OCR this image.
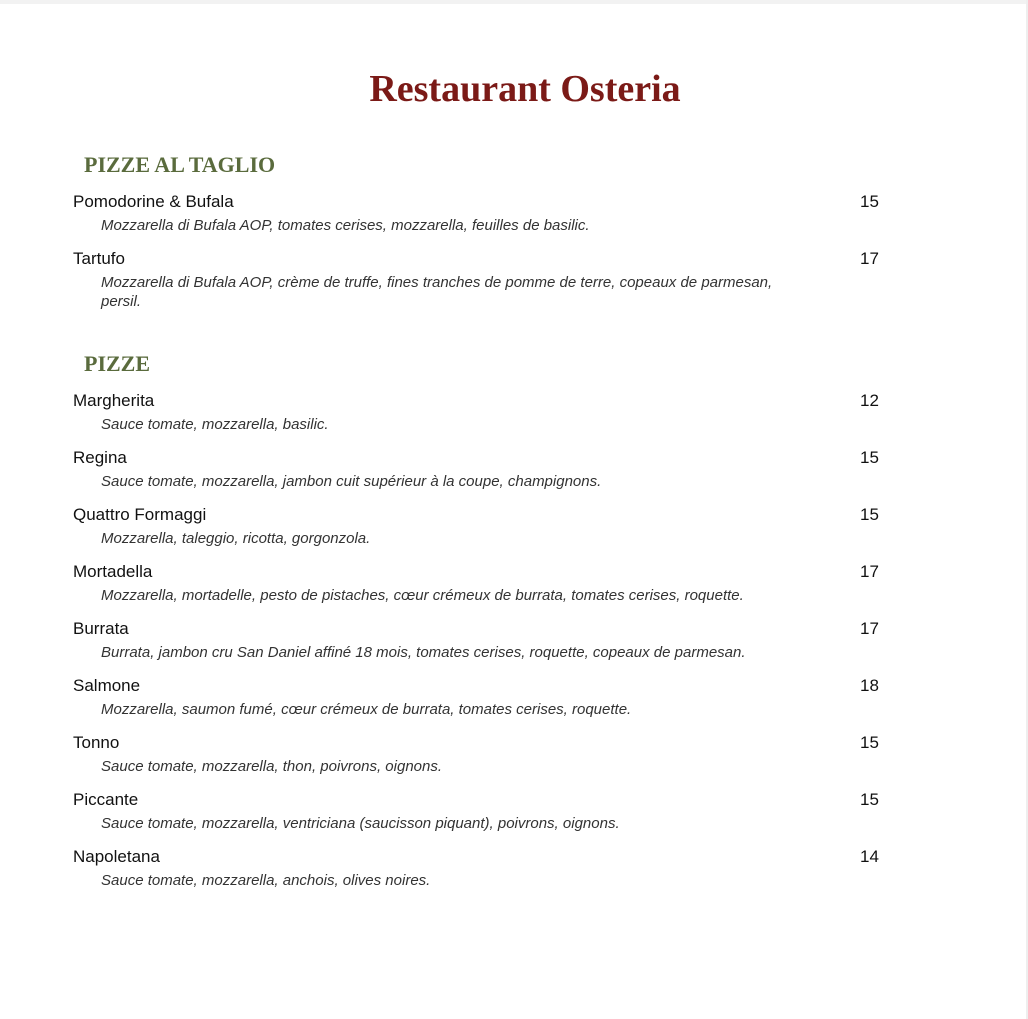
Restaurant Osteria
PIZZE AL TAGLIO
Pomodorine & Bufala	15
Mozzarella di Bufala AOP, tomates cerises, mozzarella, feuilles de basilic.
Tartufo	17
Mozzarella di Bufala AOP, crème de truffe, fines tranches de pomme de terre, copeaux de parmesan, persil.
PIZZE
Margherita	12
Sauce tomate, mozzarella, basilic.
Regina	15
Sauce tomate, mozzarella, jambon cuit supérieur à la coupe, champignons.
Quattro Formaggi	15
Mozzarella, taleggio, ricotta, gorgonzola.
Mortadella	17
Mozzarella, mortadelle, pesto de pistaches, cœur crémeux de burrata, tomates cerises, roquette.
Burrata	17
Burrata, jambon cru San Daniel affiné 18 mois, tomates cerises, roquette, copeaux de parmesan.
Salmone	18
Mozzarella, saumon fumé, cœur crémeux de burrata, tomates cerises, roquette.
Tonno	15
Sauce tomate, mozzarella, thon, poivrons, oignons.
Piccante	15
Sauce tomate, mozzarella, ventriciana (saucisson piquant), poivrons, oignons.
Napoletana	14
Sauce tomate, mozzarella, anchois, olives noires.
